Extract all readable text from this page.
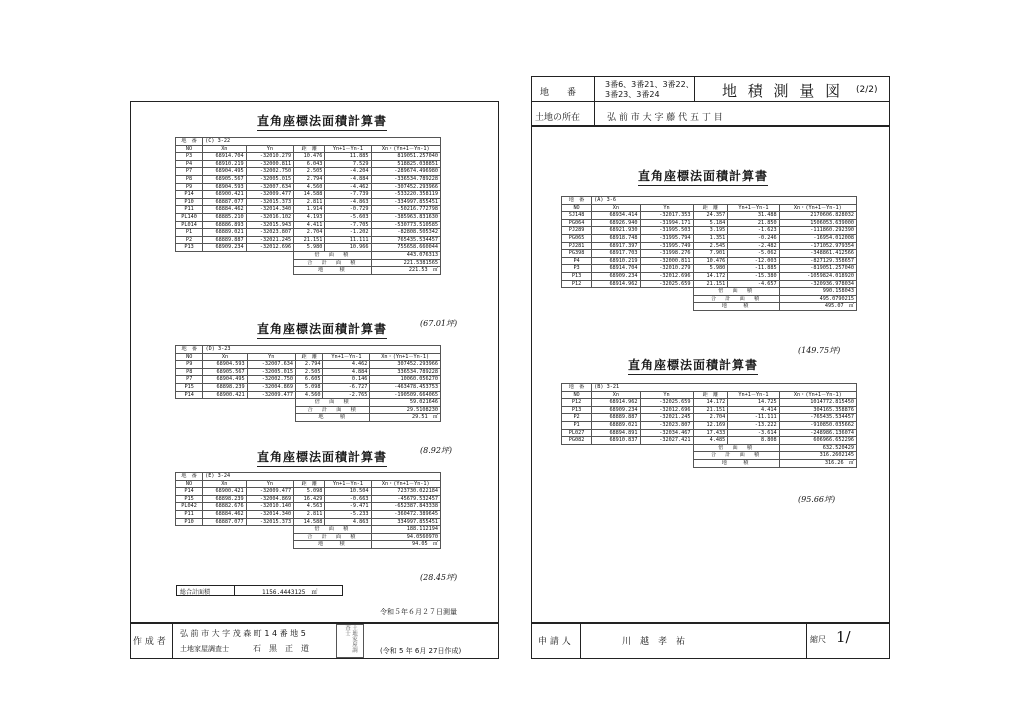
地　　番
3番6、3番21、3番22、
3番23、3番24	地 積 測 量 図 (2/2)
土地の所在	弘 前 市 大 字 藤 代 五 丁 目
直角座標法面積計算書
地　番	(C) 3-22				
NO	Xn	Yn	距　離	Yn+1－Yn-1	Xn・(Yn+1－Yn-1)
P3	68914.704	-32010.279	10.476	11.885	819051.257040
P4	68910.219	-32000.811	6.043	7.529	518825.038851
P7	68904.495	-32002.750	2.505	-4.204	-289674.496980
P8	68905.567	-32005.015	2.794	-4.884	-336534.789228
P9	68904.593	-32007.634	4.560	-4.462	-307452.293966
P14	68900.421	-32009.477	14.588	-7.739	-533220.358119
P10	68887.077	-32015.373	2.811	-4.863	-334997.855451
P11	68884.462	-32014.340	1.914	-0.729	-50216.772798
PL140	68885.210	-32016.102	4.193	-5.603	-385963.831630
PL014	68886.893	-32015.943	4.411	-7.705	-530773.510585
P1	68889.021	-32023.807	2.704	-1.202	-82808.505342
P2	68889.887	-32021.245	21.151	11.111	765435.534457
P13	68909.234	-32012.696	5.980	10.966	755658.660044
			倍　面　積		443.076313
			合　計　面　積		221.5381565
			地　　積		221.53　㎡
(67.01坪)
直角座標法面積計算書
地　番	(D) 3-23				
NO	Xn	Yn	距　離	Yn+1－Yn-1	Xn・(Yn+1－Yn-1)
P9	68904.593	-32007.634	2.794	4.462	307452.293966
P8	68905.567	-32005.015	2.505	4.884	336534.789228
P7	68904.495	-32002.750	6.605	0.146	10060.056270
P15	68898.239	-32004.869	5.098	-6.727	-463478.453753
P14	68900.421	-32009.477	4.560	-2.765	-190509.664065
			倍　面　積		59.021646
			合　計　面　積		29.5108230
			地　　積		29.51　㎡
(8.92坪)
直角座標法面積計算書
地　番	(E) 3-24				
NO	Xn	Yn	距　離	Yn+1－Yn-1	Xn・(Yn+1－Yn-1)
P14	68900.421	-32009.477	5.098	10.504	723730.022184
P15	68898.239	-32004.869	16.429	-0.663	-45679.532457
PL042	68882.676	-32010.140	4.563	-9.471	-652387.843338
P11	68884.462	-32014.340	2.811	-5.233	-360472.389645
P10	68887.077	-32015.373	14.588	4.863	334997.855451
			倍　面　積		188.112194
			合　計　面　積		94.0560970
			地　　積		94.05　㎡
(28.45坪)
総合計面積	1156.4443125　㎡
令和５年６月２７日測量
作 成 者
弘 前 市 大 字 茂 森 町 1 4 番 地 5
土地家屋調査士	石　黒　正　道	土地家屋調査士
(令和 5 年 6月 27日作成)
直角座標法面積計算書
地　番	(A) 3-6				
NO	Xn	Yn	距　離	Yn+1－Yn-1	Xn・(Yn+1－Yn-1)
SJ148	68934.414	-32017.353	24.357	31.488	2170606.828032
PG064	68926.940	-31994.171	5.184	21.850	1506053.639000
PJ289	68921.930	-31995.503	3.195	-1.623	-111860.292390
PG065	68918.748	-31995.794	1.351	-0.246	-16954.012008
PJ281	68917.397	-31995.749	2.545	-2.482	-171052.979354
PG398	68917.703	-31998.276	7.901	-5.062	-348861.412566
P4	68910.219	-32000.811	10.476	-12.003	-827129.358657
P3	68914.704	-32010.279	5.980	-11.885	-819051.257040
P13	68909.234	-32012.696	14.172	-15.380	-1059824.018920
P12	68914.962	-32025.659	21.151	-4.657	-320936.978034
			倍　面　積		990.158043
			合　計　面　積		495.0790215
			地　　積		495.07　㎡
(149.75坪)
直角座標法面積計算書
地　番	(B) 3-21				
NO	Xn	Yn	距　離	Yn+1－Yn-1	Xn・(Yn+1－Yn-1)
P12	68914.962	-32025.659	14.172	14.725	1014772.815450
P13	68909.234	-32012.696	21.151	4.414	304165.358876
P2	68889.887	-32021.245	2.704	-11.111	-765435.534457
P1	68889.021	-32023.807	12.169	-13.222	-910850.035662
PL027	68894.891	-32034.467	17.433	-3.614	-248986.136074
PG082	68910.837	-32027.421	4.485	8.808	606966.652296
			倍　面　積		632.520429
			合　計　面　積		316.2602145
			地　　積		316.26　㎡
(95.66坪)
申 請 人	川　越　孝　祐	縮尺 1/
